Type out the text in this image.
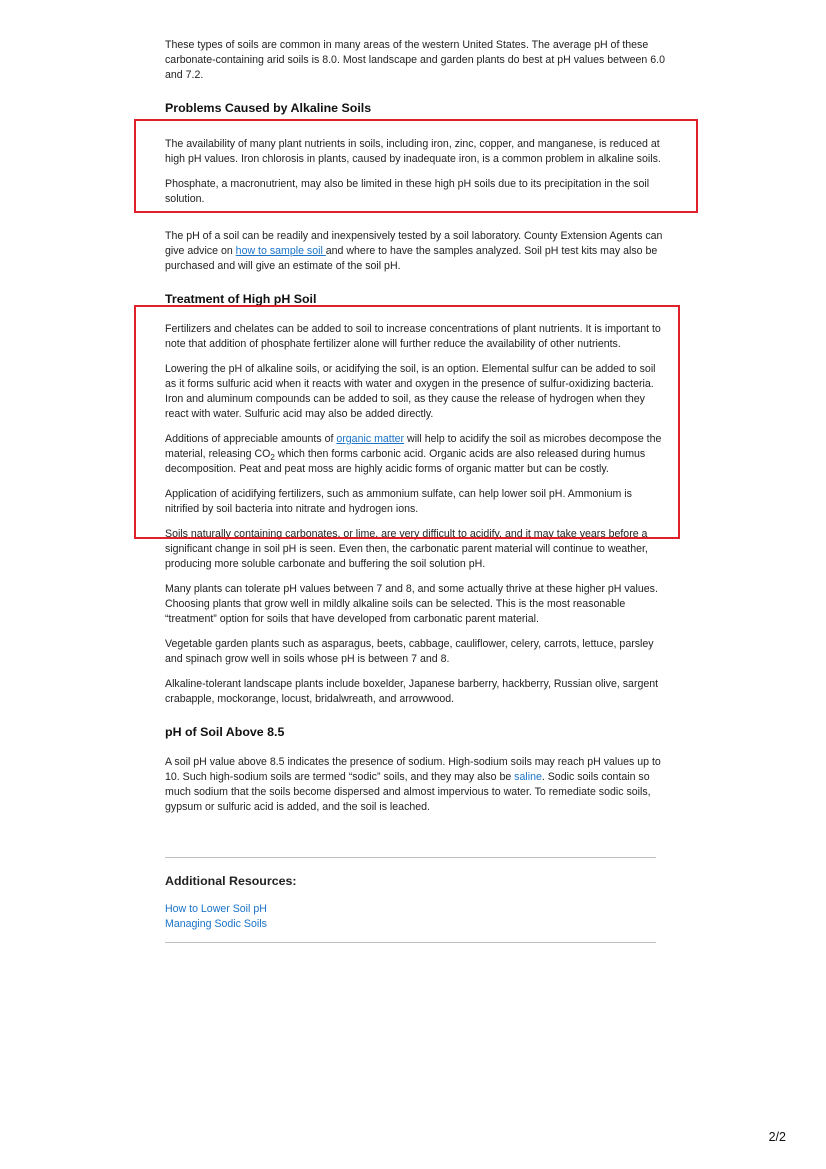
These types of soils are common in many areas of the western United States. The average pH of these carbonate-containing arid soils is 8.0. Most landscape and garden plants do best at pH values between 6.0 and 7.2.

Problems Caused by Alkaline Soils

The availability of many plant nutrients in soils, including iron, zinc, copper, and manganese, is reduced at high pH values. Iron chlorosis in plants, caused by inadequate iron, is a common problem in alkaline soils.

Phosphate, a macronutrient, may also be limited in these high pH soils due to its precipitation in the soil solution.

The pH of a soil can be readily and inexpensively tested by a soil laboratory. County Extension Agents can give advice on how to sample soil and where to have the samples analyzed. Soil pH test kits may also be purchased and will give an estimate of the soil pH.

Treatment of High pH Soil

Fertilizers and chelates can be added to soil to increase concentrations of plant nutrients. It is important to note that addition of phosphate fertilizer alone will further reduce the availability of other nutrients.

Lowering the pH of alkaline soils, or acidifying the soil, is an option. Elemental sulfur can be added to soil as it forms sulfuric acid when it reacts with water and oxygen in the presence of sulfur-oxidizing bacteria. Iron and aluminum compounds can be added to soil, as they cause the release of hydrogen when they react with water. Sulfuric acid may also be added directly.

Additions of appreciable amounts of organic matter will help to acidify the soil as microbes decompose the material, releasing $CO_2$ which then forms carbonic acid. Organic acids are also released during humus decomposition. Peat and peat moss are highly acidic forms of organic matter but can be costly.

Application of acidifying fertilizers, such as ammonium sulfate, can help lower soil pH. Ammonium is nitrified by soil bacteria into nitrate and hydrogen ions.

Soils naturally containing carbonates, or lime, are very difficult to acidify, and it may take years before a significant change in soil pH is seen. Even then, the carbonatic parent material will continue to weather, producing more soluble carbonate and buffering the soil solution pH.

Many plants can tolerate pH values between 7 and 8, and some actually thrive at these higher pH values. Choosing plants that grow well in mildly alkaline soils can be selected. This is the most reasonable “treatment” option for soils that have developed from carbonatic parent material.

Vegetable garden plants such as asparagus, beets, cabbage, cauliflower, celery, carrots, lettuce, parsley and spinach grow well in soils whose pH is between 7 and 8.

Alkaline-tolerant landscape plants include boxelder, Japanese barberry, hackberry, Russian olive, sargent crabapple, mockorange, locust, bridalwreath, and arrowwood.

pH of Soil Above 8.5

A soil pH value above 8.5 indicates the presence of sodium. High-sodium soils may reach pH values up to 10. Such high-sodium soils are termed “sodic” soils, and they may also be saline. Sodic soils contain so much sodium that the soils become dispersed and almost impervious to water. To remediate sodic soils, gypsum or sulfuric acid is added, and the soil is leached.

Additional Resources:
How to Lower Soil pH
Managing Sodic Soils
2/2
